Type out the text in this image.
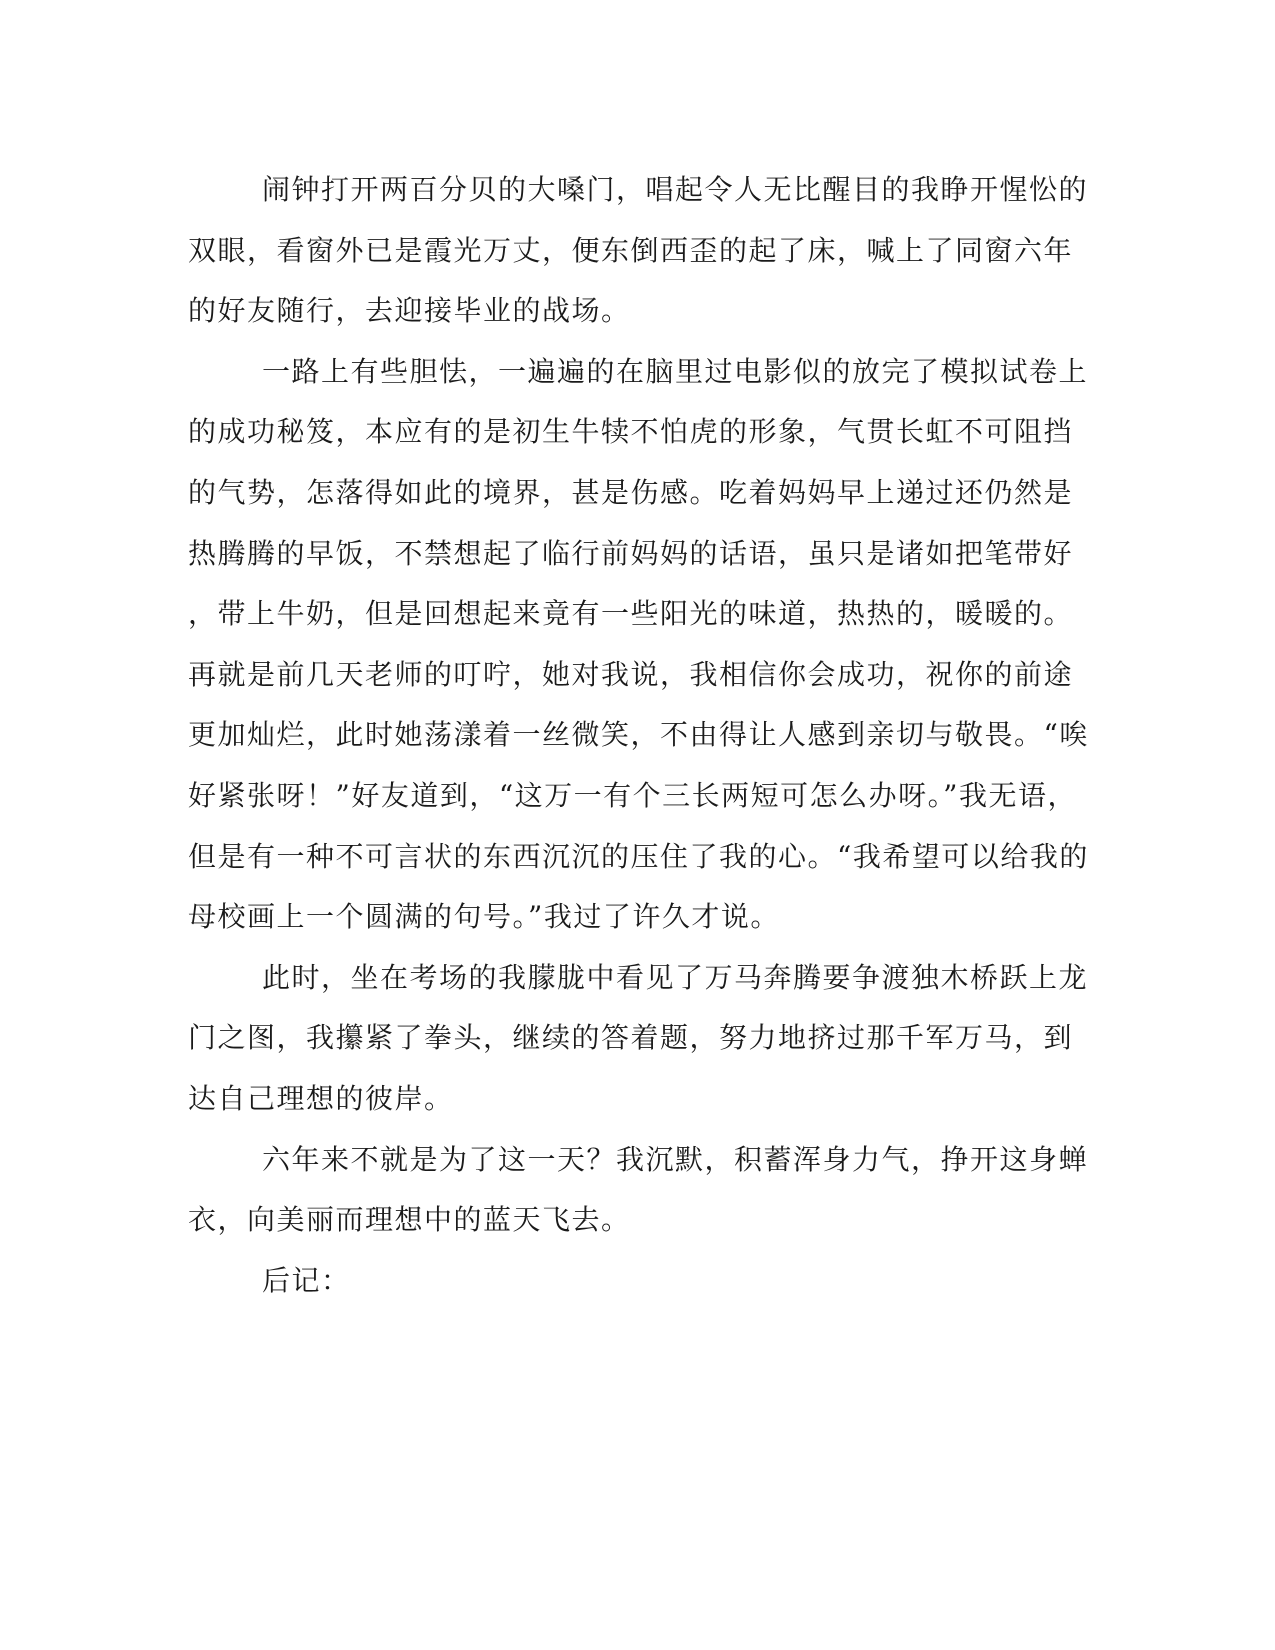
闹钟打开两百分贝的大嗓门，唱起令人无比醒目的我睁开惺忪的
双眼，看窗外已是霞光万丈，便东倒西歪的起了床，喊上了同窗六年
的好友随行，去迎接毕业的战场。
一路上有些胆怯，一遍遍的在脑里过电影似的放完了模拟试卷上
的成功秘笈，本应有的是初生牛犊不怕虎的形象，气贯长虹不可阻挡
的气势，怎落得如此的境界，甚是伤感。吃着妈妈早上递过还仍然是
热腾腾的早饭，不禁想起了临行前妈妈的话语，虽只是诸如把笔带好
，带上牛奶，但是回想起来竟有一些阳光的味道，热热的，暖暖的。
再就是前几天老师的叮咛，她对我说，我相信你会成功，祝你的前途
更加灿烂，此时她荡漾着一丝微笑，不由得让人感到亲切与敬畏。“唉
好紧张呀！”好友道到，“这万一有个三长两短可怎么办呀。”我无语，
但是有一种不可言状的东西沉沉的压住了我的心。“我希望可以给我的
母校画上一个圆满的句号。”我过了许久才说。
此时，坐在考场的我朦胧中看见了万马奔腾要争渡独木桥跃上龙
门之图，我攥紧了拳头，继续的答着题，努力地挤过那千军万马，到
达自己理想的彼岸。
六年来不就是为了这一天？我沉默，积蓄浑身力气，挣开这身蝉
衣，向美丽而理想中的蓝天飞去。
后记：
